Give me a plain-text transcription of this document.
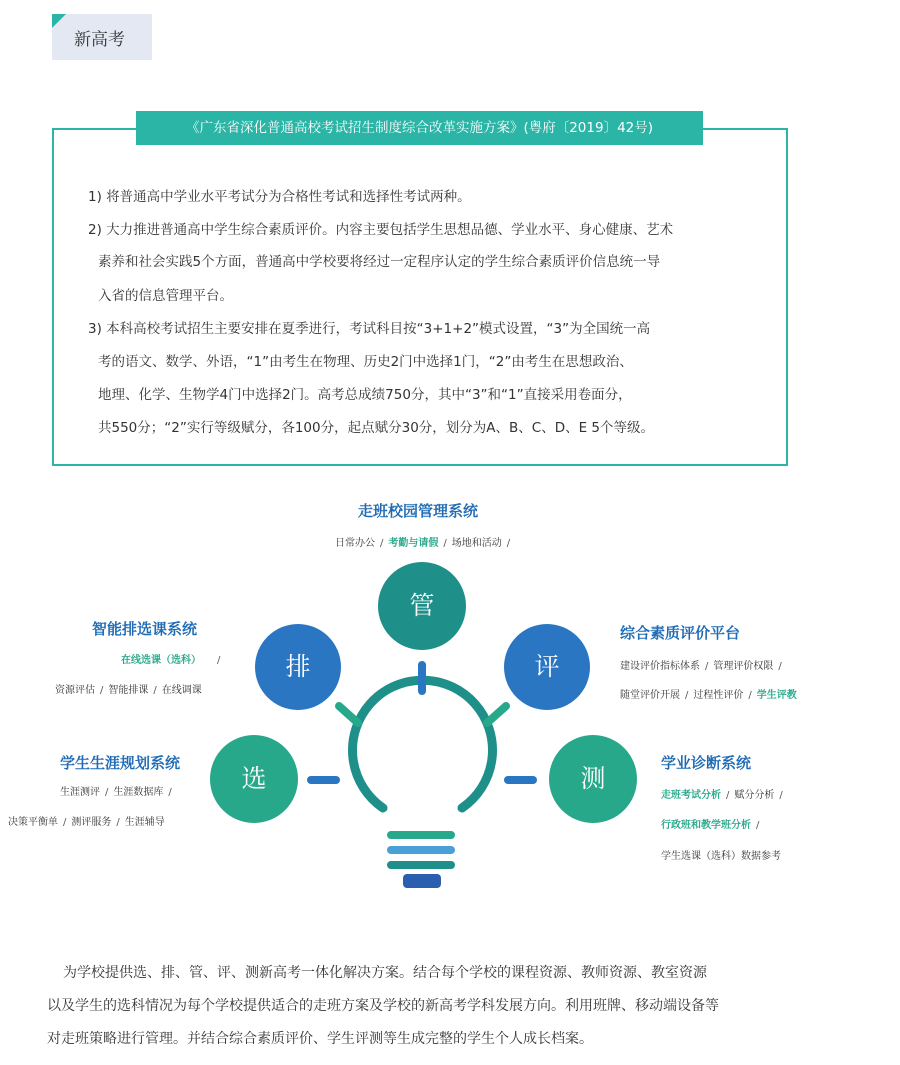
新高考
1) 将普通高中学业水平考试分为合格性考试和选择性考试两种。
2) 大力推进普通高中学生综合素质评价。内容主要包括学生思想品德、学业水平、身心健康、艺术
素养和社会实践5个方面，普通高中学校要将经过一定程序认定的学生综合素质评价信息统一导
入省的信息管理平台。
3) 本科高校考试招生主要安排在夏季进行，考试科目按“3+1+2”模式设置，“3”为全国统一高
考的语文、数学、外语，“1”由考生在物理、历史2门中选择1门，“2”由考生在思想政治、
地理、化学、生物学4门中选择2门。高考总成绩750分，其中“3”和“1”直接采用卷面分，
共550分；“2”实行等级赋分，各100分，起点赋分30分，划分为A、B、C、D、E 5个等级。
《广东省深化普通高校考试招生制度综合改革实施方案》(粤府〔2019〕42号)
管
排	评
选	测
走班校园管理系统
日常办公 / 考勤与请假 / 场地和活动 /
智能排选课系统
在线选课（选科） /
资源评估 / 智能排课 / 在线调课
综合素质评价平台
建设评价指标体系 / 管理评价权限 /
随堂评价开展 / 过程性评价 / 学生评教
学生生涯规划系统
生涯测评 / 生涯数据库 /
决策平衡单 / 测评服务 / 生涯辅导
学业诊断系统
走班考试分析 / 赋分分析 /
行政班和教学班分析 /
学生选课（选科）数据参考
为学校提供选、排、管、评、测新高考一体化解决方案。结合每个学校的课程资源、教师资源、教室资源
以及学生的选科情况为每个学校提供适合的走班方案及学校的新高考学科发展方向。利用班牌、移动端设备等
对走班策略进行管理。并结合综合素质评价、学生评测等生成完整的学生个人成长档案。
